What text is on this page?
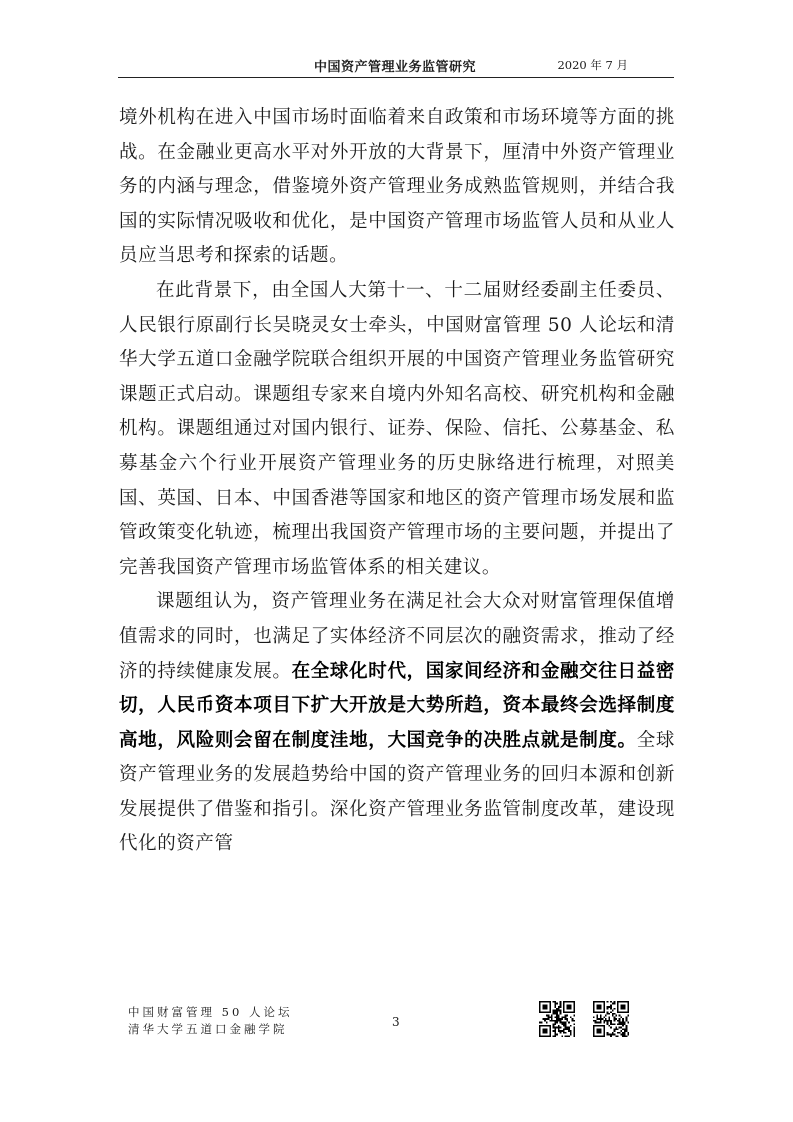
中国资产管理业务监管研究	2020 年 7 月

境外机构在进入中国市场时面临着来自政策和市场环境等方面的挑战。在金融业更高水平对外开放的大背景下，厘清中外资产管理业务的内涵与理念，借鉴境外资产管理业务成熟监管规则，并结合我国的实际情况吸收和优化，是中国资产管理市场监管人员和从业人员应当思考和探索的话题。

在此背景下，由全国人大第十一、十二届财经委副主任委员、人民银行原副行长吴晓灵女士牵头，中国财富管理 50 人论坛和清华大学五道口金融学院联合组织开展的中国资产管理业务监管研究课题正式启动。课题组专家来自境内外知名高校、研究机构和金融机构。课题组通过对国内银行、证券、保险、信托、公募基金、私募基金六个行业开展资产管理业务的历史脉络进行梳理，对照美国、英国、日本、中国香港等国家和地区的资产管理市场发展和监管政策变化轨迹，梳理出我国资产管理市场的主要问题，并提出了完善我国资产管理市场监管体系的相关建议。

课题组认为，资产管理业务在满足社会大众对财富管理保值增值需求的同时，也满足了实体经济不同层次的融资需求，推动了经济的持续健康发展。在全球化时代，国家间经济和金融交往日益密切，人民币资本项目下扩大开放是大势所趋，资本最终会选择制度高地，风险则会留在制度洼地，大国竞争的决胜点就是制度。全球资产管理业务的发展趋势给中国的资产管理业务的回归本源和创新发展提供了借鉴和指引。深化资产管理业务监管制度改革，建设现代化的资产管

中国财富管理 50 人论坛
清华大学五道口金融学院	3
